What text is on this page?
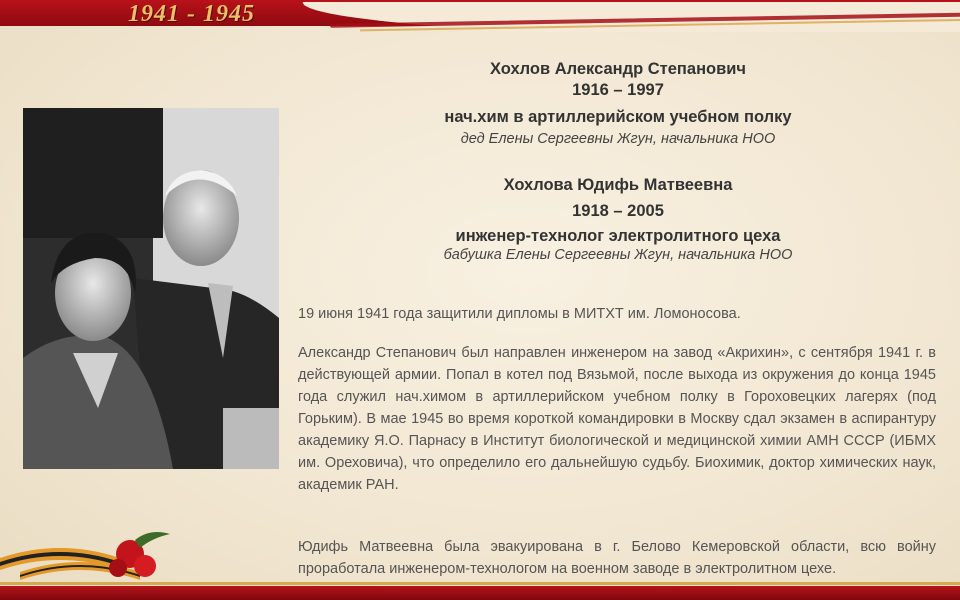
1941 - 1945
Хохлов Александр Степанович
1916 – 1997
нач.хим в артиллерийском учебном полку
дед Елены Сергеевны Жгун, начальника НОО
Хохлова Юдифь Матвеевна
1918 – 2005
инженер-технолог электролитного цеха
бабушка Елены Сергеевны Жгун, начальника НОО

19 июня 1941 года защитили дипломы в МИТХТ им. Ломоносова.

Александр Степанович был направлен инженером на завод «Акрихин», с сентября 1941 г. в действующей армии. Попал в котел под Вязьмой, после выхода из окружения до конца 1945 года служил нач.химом в артиллерийском учебном полку в Гороховецких лагерях (под Горьким). В мае 1945 во время короткой командировки в Москву сдал экзамен в аспирантуру академику Я.О. Парнасу в Институт биологической и медицинской химии АМН СССР (ИБМХ им. Ореховича), что определило его дальнейшую судьбу. Биохимик, доктор химических наук, академик РАН.

Юдифь Матвеевна была эвакуирована в г. Белово Кемеровской области, всю войну проработала инженером-технологом на военном заводе в электролитном цехе.
